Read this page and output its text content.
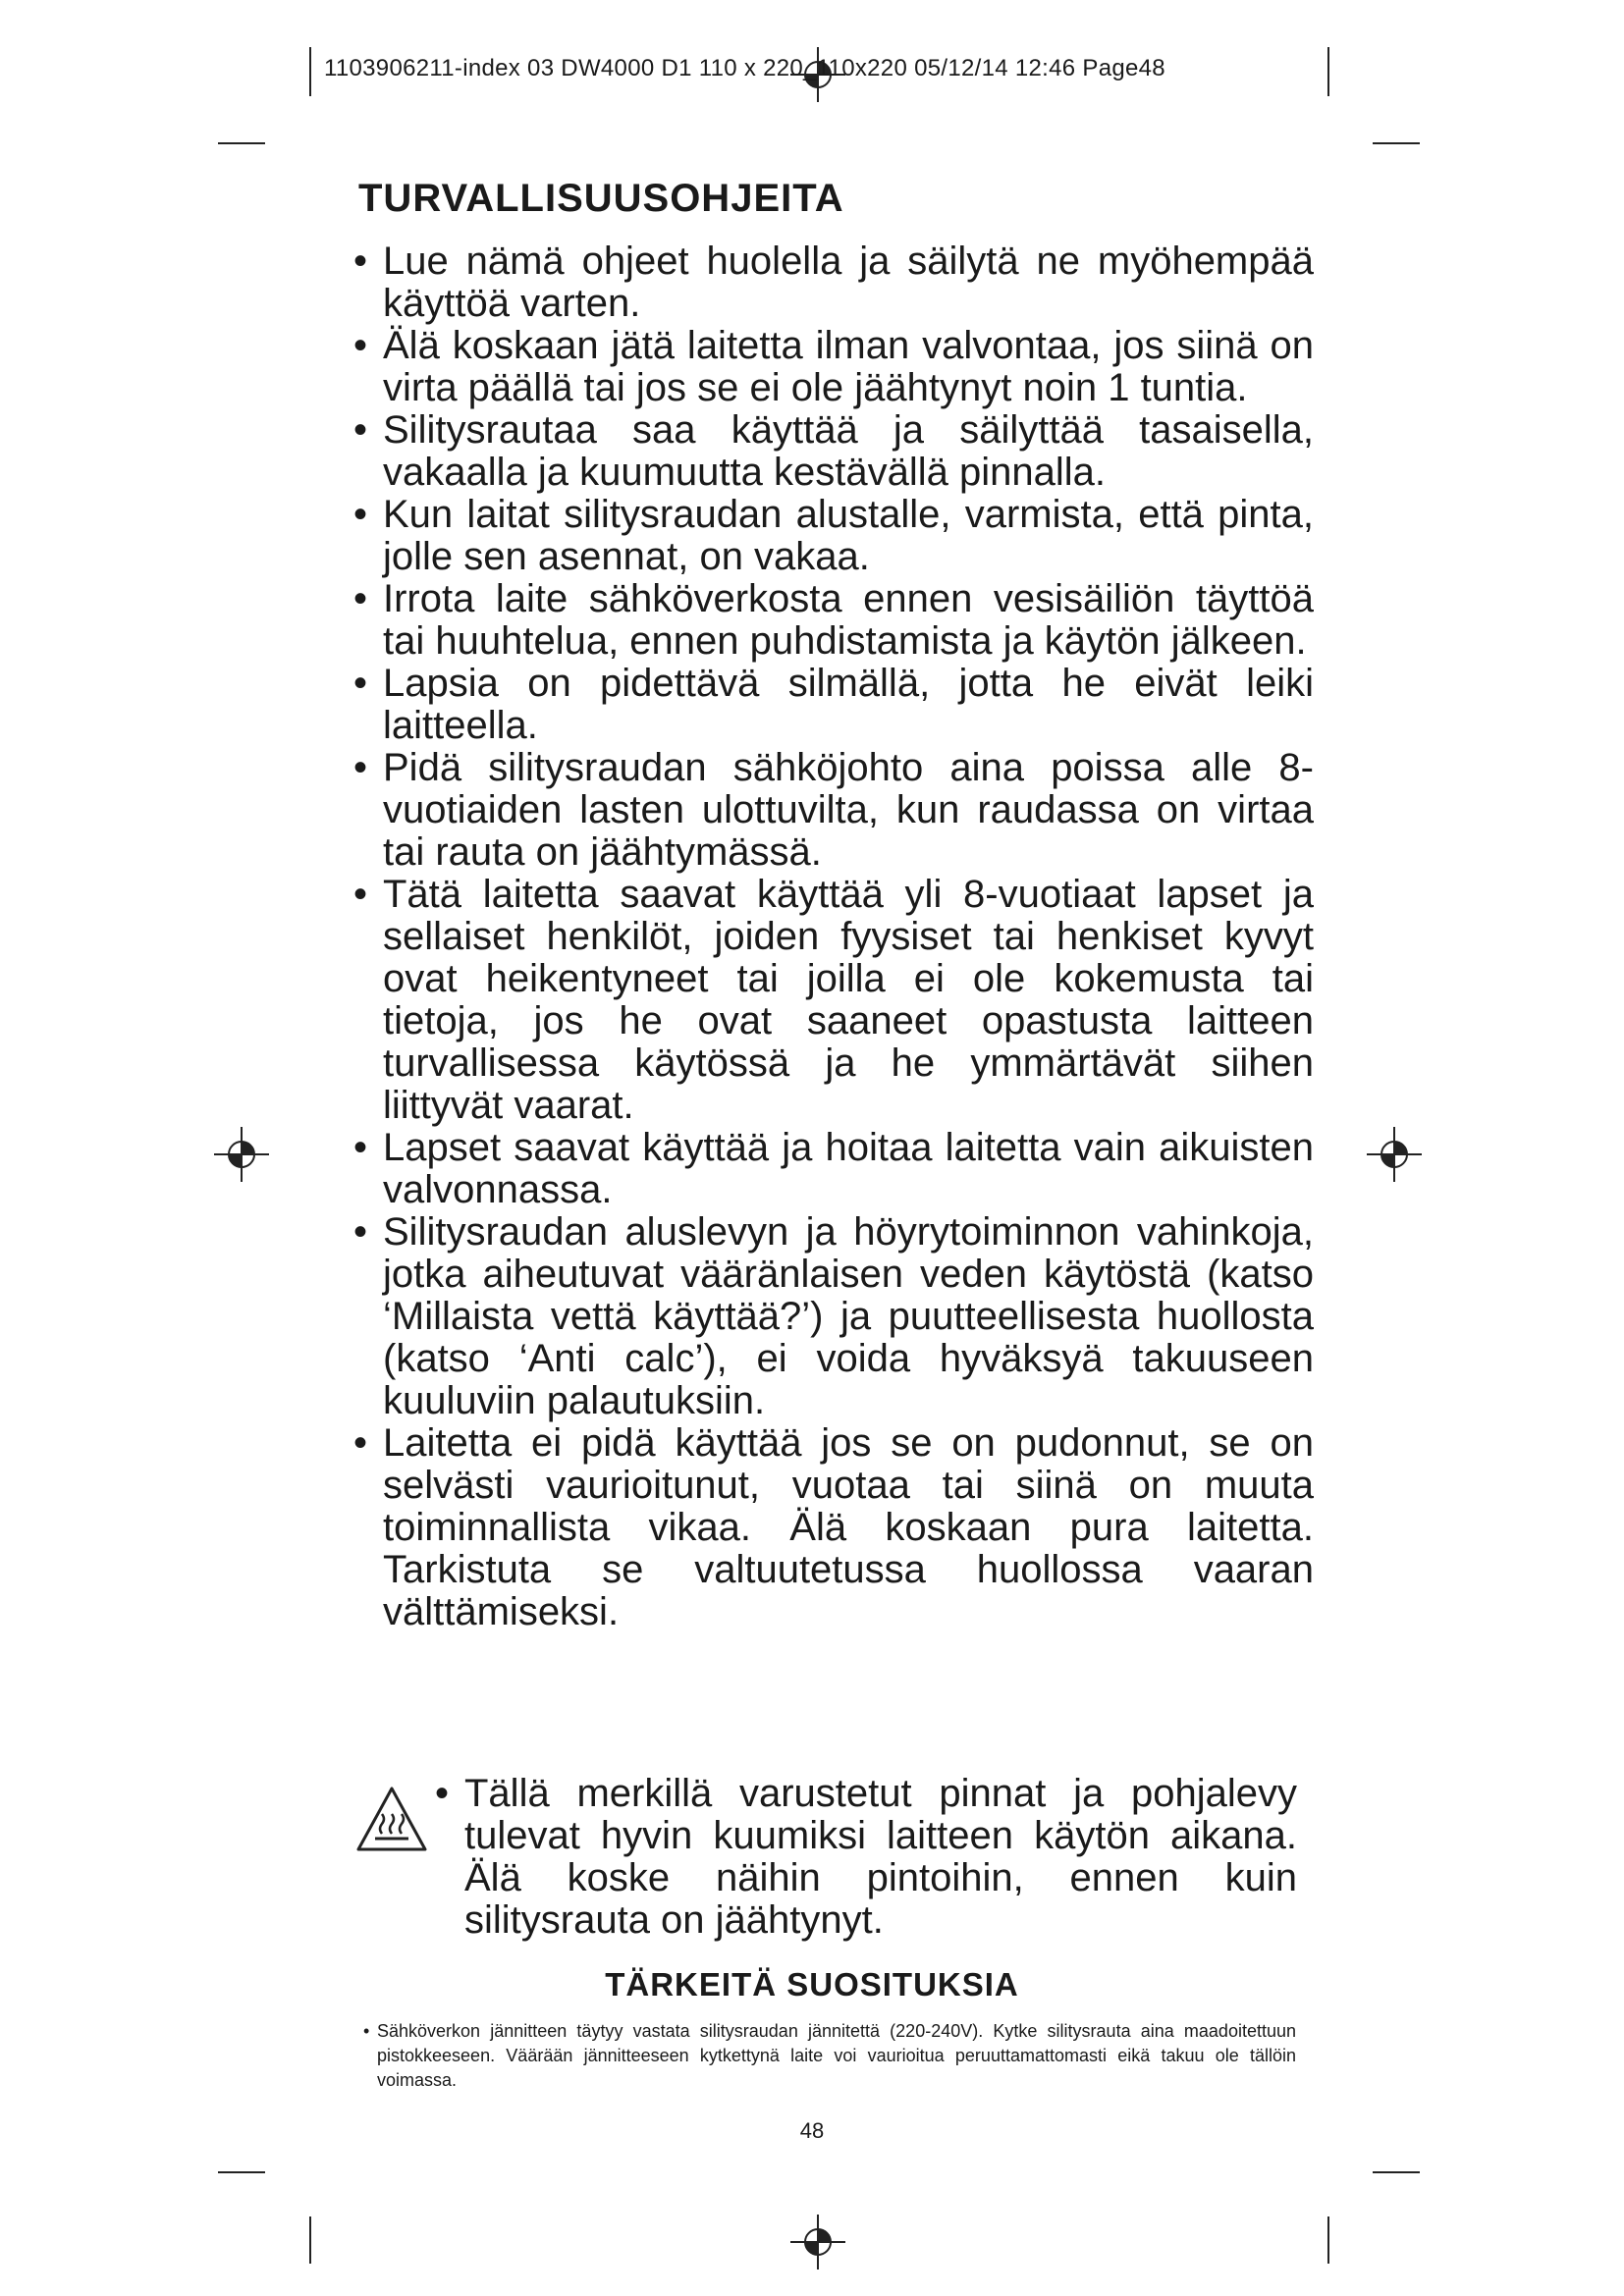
1103906211-index 03 DW4000 D1 110 x 220_110x220 05/12/14 12:46 Page48
TURVALLISUUSOHJEITA
• Lue nämä ohjeet huolella ja säilytä ne myöhempää käyttöä varten.
• Älä koskaan jätä laitetta ilman valvontaa, jos siinä on virta päällä tai jos se ei ole jäähtynyt noin 1 tuntia.
• Silitysrautaa saa käyttää ja säilyttää tasaisella, vakaalla ja kuumuutta kestävällä pinnalla.
• Kun laitat silitysraudan alustalle, varmista, että pinta, jolle sen asennat, on vakaa.
• Irrota laite sähköverkosta ennen vesisäiliön täyttöä tai huuhtelua, ennen puhdistamista ja käytön jälkeen.
• Lapsia on pidettävä silmällä, jotta he eivät leiki laitteella.
• Pidä silitysraudan sähköjohto aina poissa alle 8-vuotiaiden lasten ulottuvilta, kun raudassa on virtaa tai rauta on jäähtymässä.
• Tätä laitetta saavat käyttää yli 8-vuotiaat lapset ja sellaiset henkilöt, joiden fyysiset tai henkiset kyvyt ovat heikentyneet tai joilla ei ole kokemusta tai tietoja, jos he ovat saaneet opastusta laitteen turvallisessa käytössä ja he ymmärtävät siihen liittyvät vaarat.
• Lapset saavat käyttää ja hoitaa laitetta vain aikuisten valvonnassa.
• Silitysraudan aluslevyn ja höyrytoiminnon vahinkoja, jotka aiheutuvat vääränlaisen veden käytöstä (katso ‘Millaista vettä käyttää?’) ja puutteellisesta huollosta (katso ‘Anti calc’), ei voida hyväksyä takuuseen kuuluviin palautuksiin.
• Laitetta ei pidä käyttää jos se on pudonnut, se on selvästi vaurioitunut, vuotaa tai siinä on muuta toiminnallista vikaa. Älä koskaan pura laitetta. Tarkistuta se valtuutetussa huollossa vaaran välttämiseksi.
• Tällä merkillä varustetut pinnat ja pohjalevy tulevat hyvin kuumiksi laitteen käytön aikana. Älä koske näihin pintoihin, ennen kuin silitysrauta on jäähtynyt.
TÄRKEITÄ SUOSITUKSIA
• Sähköverkon jännitteen täytyy vastata silitysraudan jännitettä (220-240V). Kytke silitysrauta aina maadoitettuun pistokkeeseen. Väärään jännitteeseen kytkettynä laite voi vaurioitua peruuttamattomasti eikä takuu ole tällöin voimassa.
48
